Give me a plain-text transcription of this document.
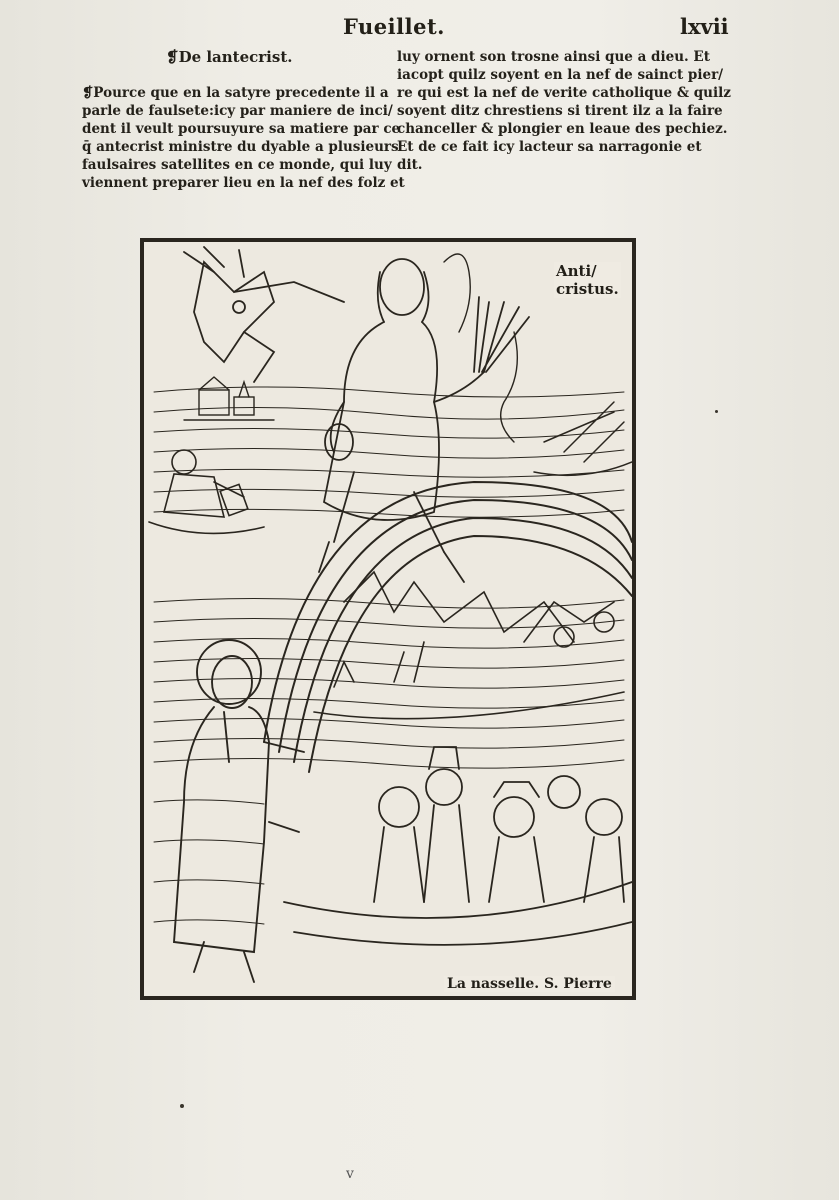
Fueillet.	lxvii
❡De lantecrist.
❡Pource que en la satyre precedente il a
parle de faulsete:icy par maniere de inci/
dent il veult poursuyure sa matiere par ce
q̄ antecrist ministre du dyable a plusieurs
faulsaires satellites en ce monde, qui luy
viennent preparer lieu en la nef des folz et
luy ornent son trosne ainsi que a dieu. Et
iacopt quilz soyent en la nef de sainct pier/
re qui est la nef de verite catholique & quilz
soyent ditz chrestiens si tirent ilz a la faire
chanceller & plongier en leaue des pechiez.
Et de ce fait icy lacteur sa narragonie et
dit.
Anti/
cristus.
La nasselle. S. Pierre
v
